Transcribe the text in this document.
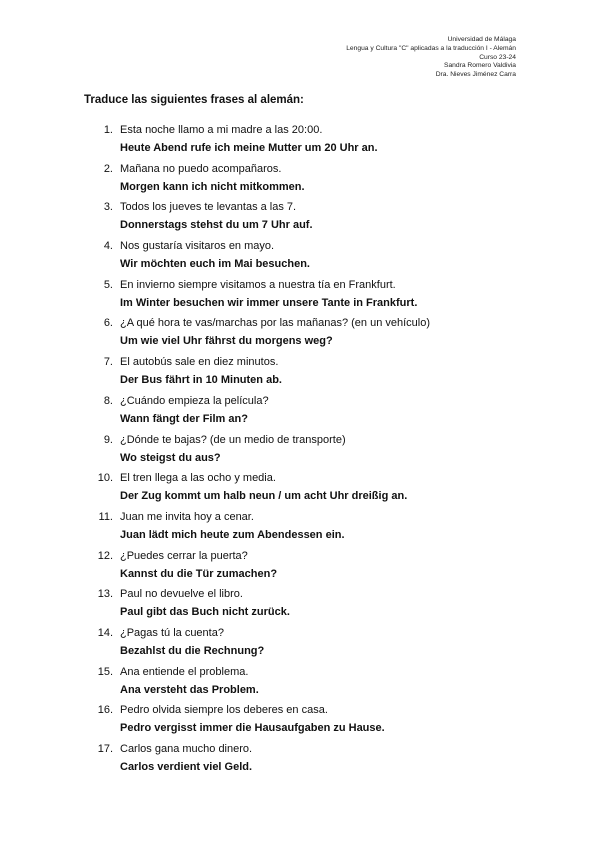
Universidad de Málaga
Lengua y Cultura "C" aplicadas a la traducción I - Alemán
Curso 23-24
Sandra Romero Valdivia
Dra. Nieves Jiménez Carra
Traduce las siguientes frases al alemán:
1. Esta noche llamo a mi madre a las 20:00.
Heute Abend rufe ich meine Mutter um 20 Uhr an.
2. Mañana no puedo acompañaros.
Morgen kann ich nicht mitkommen.
3. Todos los jueves te levantas a las 7.
Donnerstags stehst du um 7 Uhr auf.
4. Nos gustaría visitaros en mayo.
Wir möchten euch im Mai besuchen.
5. En invierno siempre visitamos a nuestra tía en Frankfurt.
Im Winter besuchen wir immer unsere Tante in Frankfurt.
6. ¿A qué hora te vas/marchas por las mañanas? (en un vehículo)
Um wie viel Uhr fährst du morgens weg?
7. El autobús sale en diez minutos.
Der Bus fährt in 10 Minuten ab.
8. ¿Cuándo empieza la película?
Wann fängt der Film an?
9. ¿Dónde te bajas? (de un medio de transporte)
Wo steigst du aus?
10. El tren llega a las ocho y media.
Der Zug kommt um halb neun / um acht Uhr dreißig an.
11. Juan me invita hoy a cenar.
Juan lädt mich heute zum Abendessen ein.
12. ¿Puedes cerrar la puerta?
Kannst du die Tür zumachen?
13. Paul no devuelve el libro.
Paul gibt das Buch nicht zurück.
14. ¿Pagas tú la cuenta?
Bezahlst du die Rechnung?
15. Ana entiende el problema.
Ana versteht das Problem.
16. Pedro olvida siempre los deberes en casa.
Pedro vergisst immer die Hausaufgaben zu Hause.
17. Carlos gana mucho dinero.
Carlos verdient viel Geld.
